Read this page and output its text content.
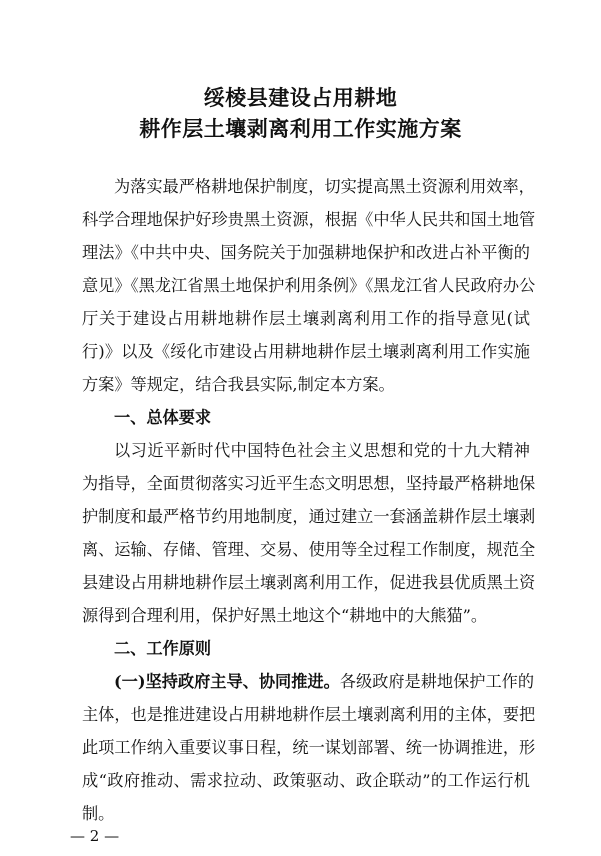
绥棱县建设占用耕地
耕作层土壤剥离利用工作实施方案
为落实最严格耕地保护制度，切实提高黑土资源利用效率，
科学合理地保护好珍贵黑土资源，根据《中华人民共和国土地管
理法》《中共中央、国务院关于加强耕地保护和改进占补平衡的
意见》《黑龙江省黑土地保护利用条例》《黑龙江省人民政府办公
厅关于建设占用耕地耕作层土壤剥离利用工作的指导意见(试
行)》以及《绥化市建设占用耕地耕作层土壤剥离利用工作实施
方案》等规定，结合我县实际,制定本方案。
一、总体要求
以习近平新时代中国特色社会主义思想和党的十九大精神
为指导，全面贯彻落实习近平生态文明思想，坚持最严格耕地保
护制度和最严格节约用地制度，通过建立一套涵盖耕作层土壤剥
离、运输、存储、管理、交易、使用等全过程工作制度，规范全
县建设占用耕地耕作层土壤剥离利用工作，促进我县优质黑土资
源得到合理利用，保护好黑土地这个“耕地中的大熊猫”。
二、工作原则
(一)坚持政府主导、协同推进。各级政府是耕地保护工作的
主体，也是推进建设占用耕地耕作层土壤剥离利用的主体，要把
此项工作纳入重要议事日程，统一谋划部署、统一协调推进，形
成“政府推动、需求拉动、政策驱动、政企联动”的工作运行机
制。
— 2 —
